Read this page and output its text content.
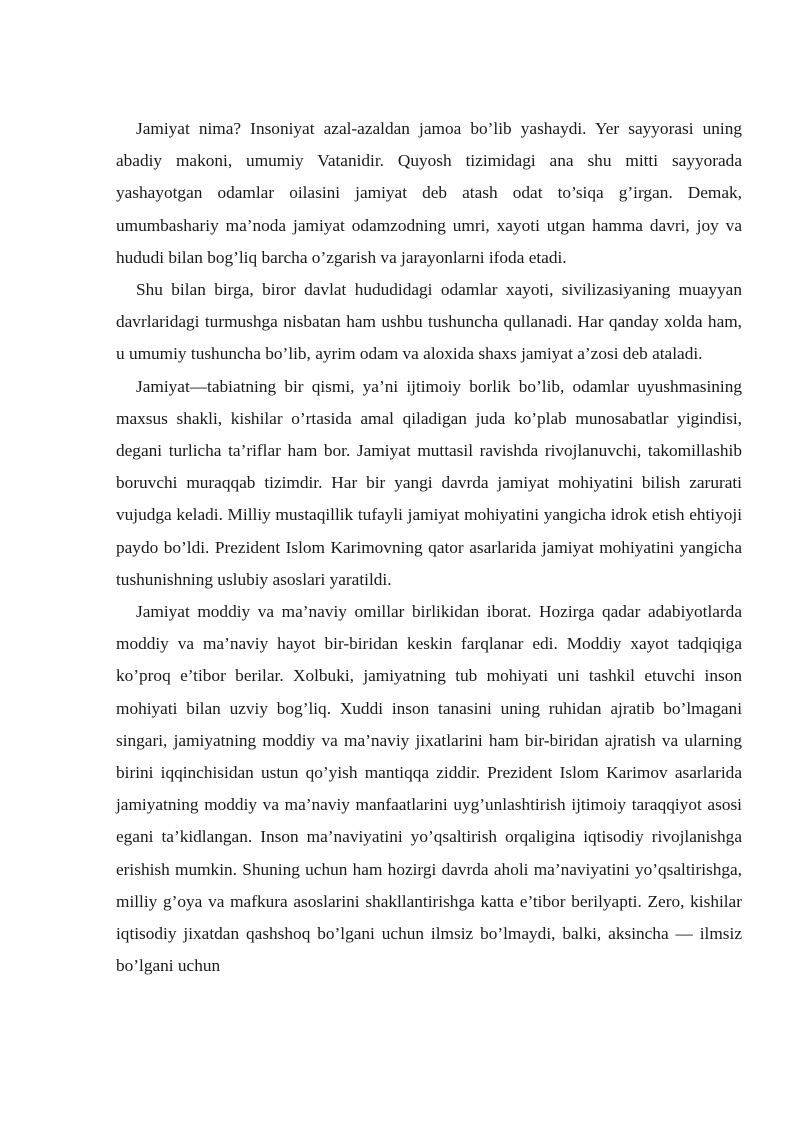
Jamiyat nima? Insoniyat azal-azaldan jamoa bo’lib yashaydi. Yer sayyorasi uning abadiy makoni, umumiy Vatanidir. Quyosh tizimidagi ana shu mitti sayyorada yashayotgan odamlar oilasini jamiyat deb atash odat to’siqa g’irgan. Demak, umumbashariy ma’noda jamiyat odamzodning umri, xayoti utgan hamma davri, joy va hududi bilan bog’liq barcha o’zgarish va jarayonlarni ifoda etadi.

Shu bilan birga, biror davlat hududidagi odamlar xayoti, sivilizasiyaning muayyan davrlaridagi turmushga nisbatan ham ushbu tushuncha qullanadi. Har qanday xolda ham, u umumiy tushuncha bo’lib, ayrim odam va aloxida shaxs jamiyat a’zosi deb ataladi.

Jamiyat—tabiatning bir qismi, ya’ni ijtimoiy borlik bo’lib, odamlar uyushmasining maxsus shakli, kishilar o’rtasida amal qiladigan juda ko’plab munosabatlar yigindisi, degani turlicha ta’riflar ham bor. Jamiyat muttasil ravishda rivojlanuvchi, takomillashib boruvchi muraqqab tizimdir. Har bir yangi davrda jamiyat mohiyatini bilish zarurati vujudga keladi. Milliy mustaqillik tufayli jamiyat mohiyatini yangicha idrok etish ehtiyoji paydo bo’ldi. Prezident Islom Karimovning qator asarlarida jamiyat mohiyatini yangicha tushunishning uslubiy asoslari yaratildi.

Jamiyat moddiy va ma’naviy omillar birlikidan iborat. Hozirga qadar adabiyotlarda moddiy va ma’naviy hayot bir-biridan keskin farqlanar edi. Moddiy xayot tadqiqiga ko’proq e’tibor berilar. Xolbuki, jamiyatning tub mohiyati uni tashkil etuvchi inson mohiyati bilan uzviy bog’liq. Xuddi inson tanasini uning ruhidan ajratib bo’lmagani singari, jamiyatning moddiy va ma’naviy jixatlarini ham bir-biridan ajratish va ularning birini iqqinchisidan ustun qo’yish mantiqqa ziddir. Prezident Islom Karimov asarlarida jamiyatning moddiy va ma’naviy manfaatlarini uyg’unlashtirish ijtimoiy taraqqiyot asosi egani ta’kidlangan. Inson ma’naviyatini yo’qsaltirish orqaligina iqtisodiy rivojlanishga erishish mumkin. Shuning uchun ham hozirgi davrda aholi ma’naviyatini yo’qsaltirishga, milliy g’oya va mafkura asoslarini shakllantirishga katta e’tibor berilyapti. Zero, kishilar iqtisodiy jixatdan qashshoq bo’lgani uchun ilmsiz bo’lmaydi, balki, aksincha — ilmsiz bo’lgani uchun
